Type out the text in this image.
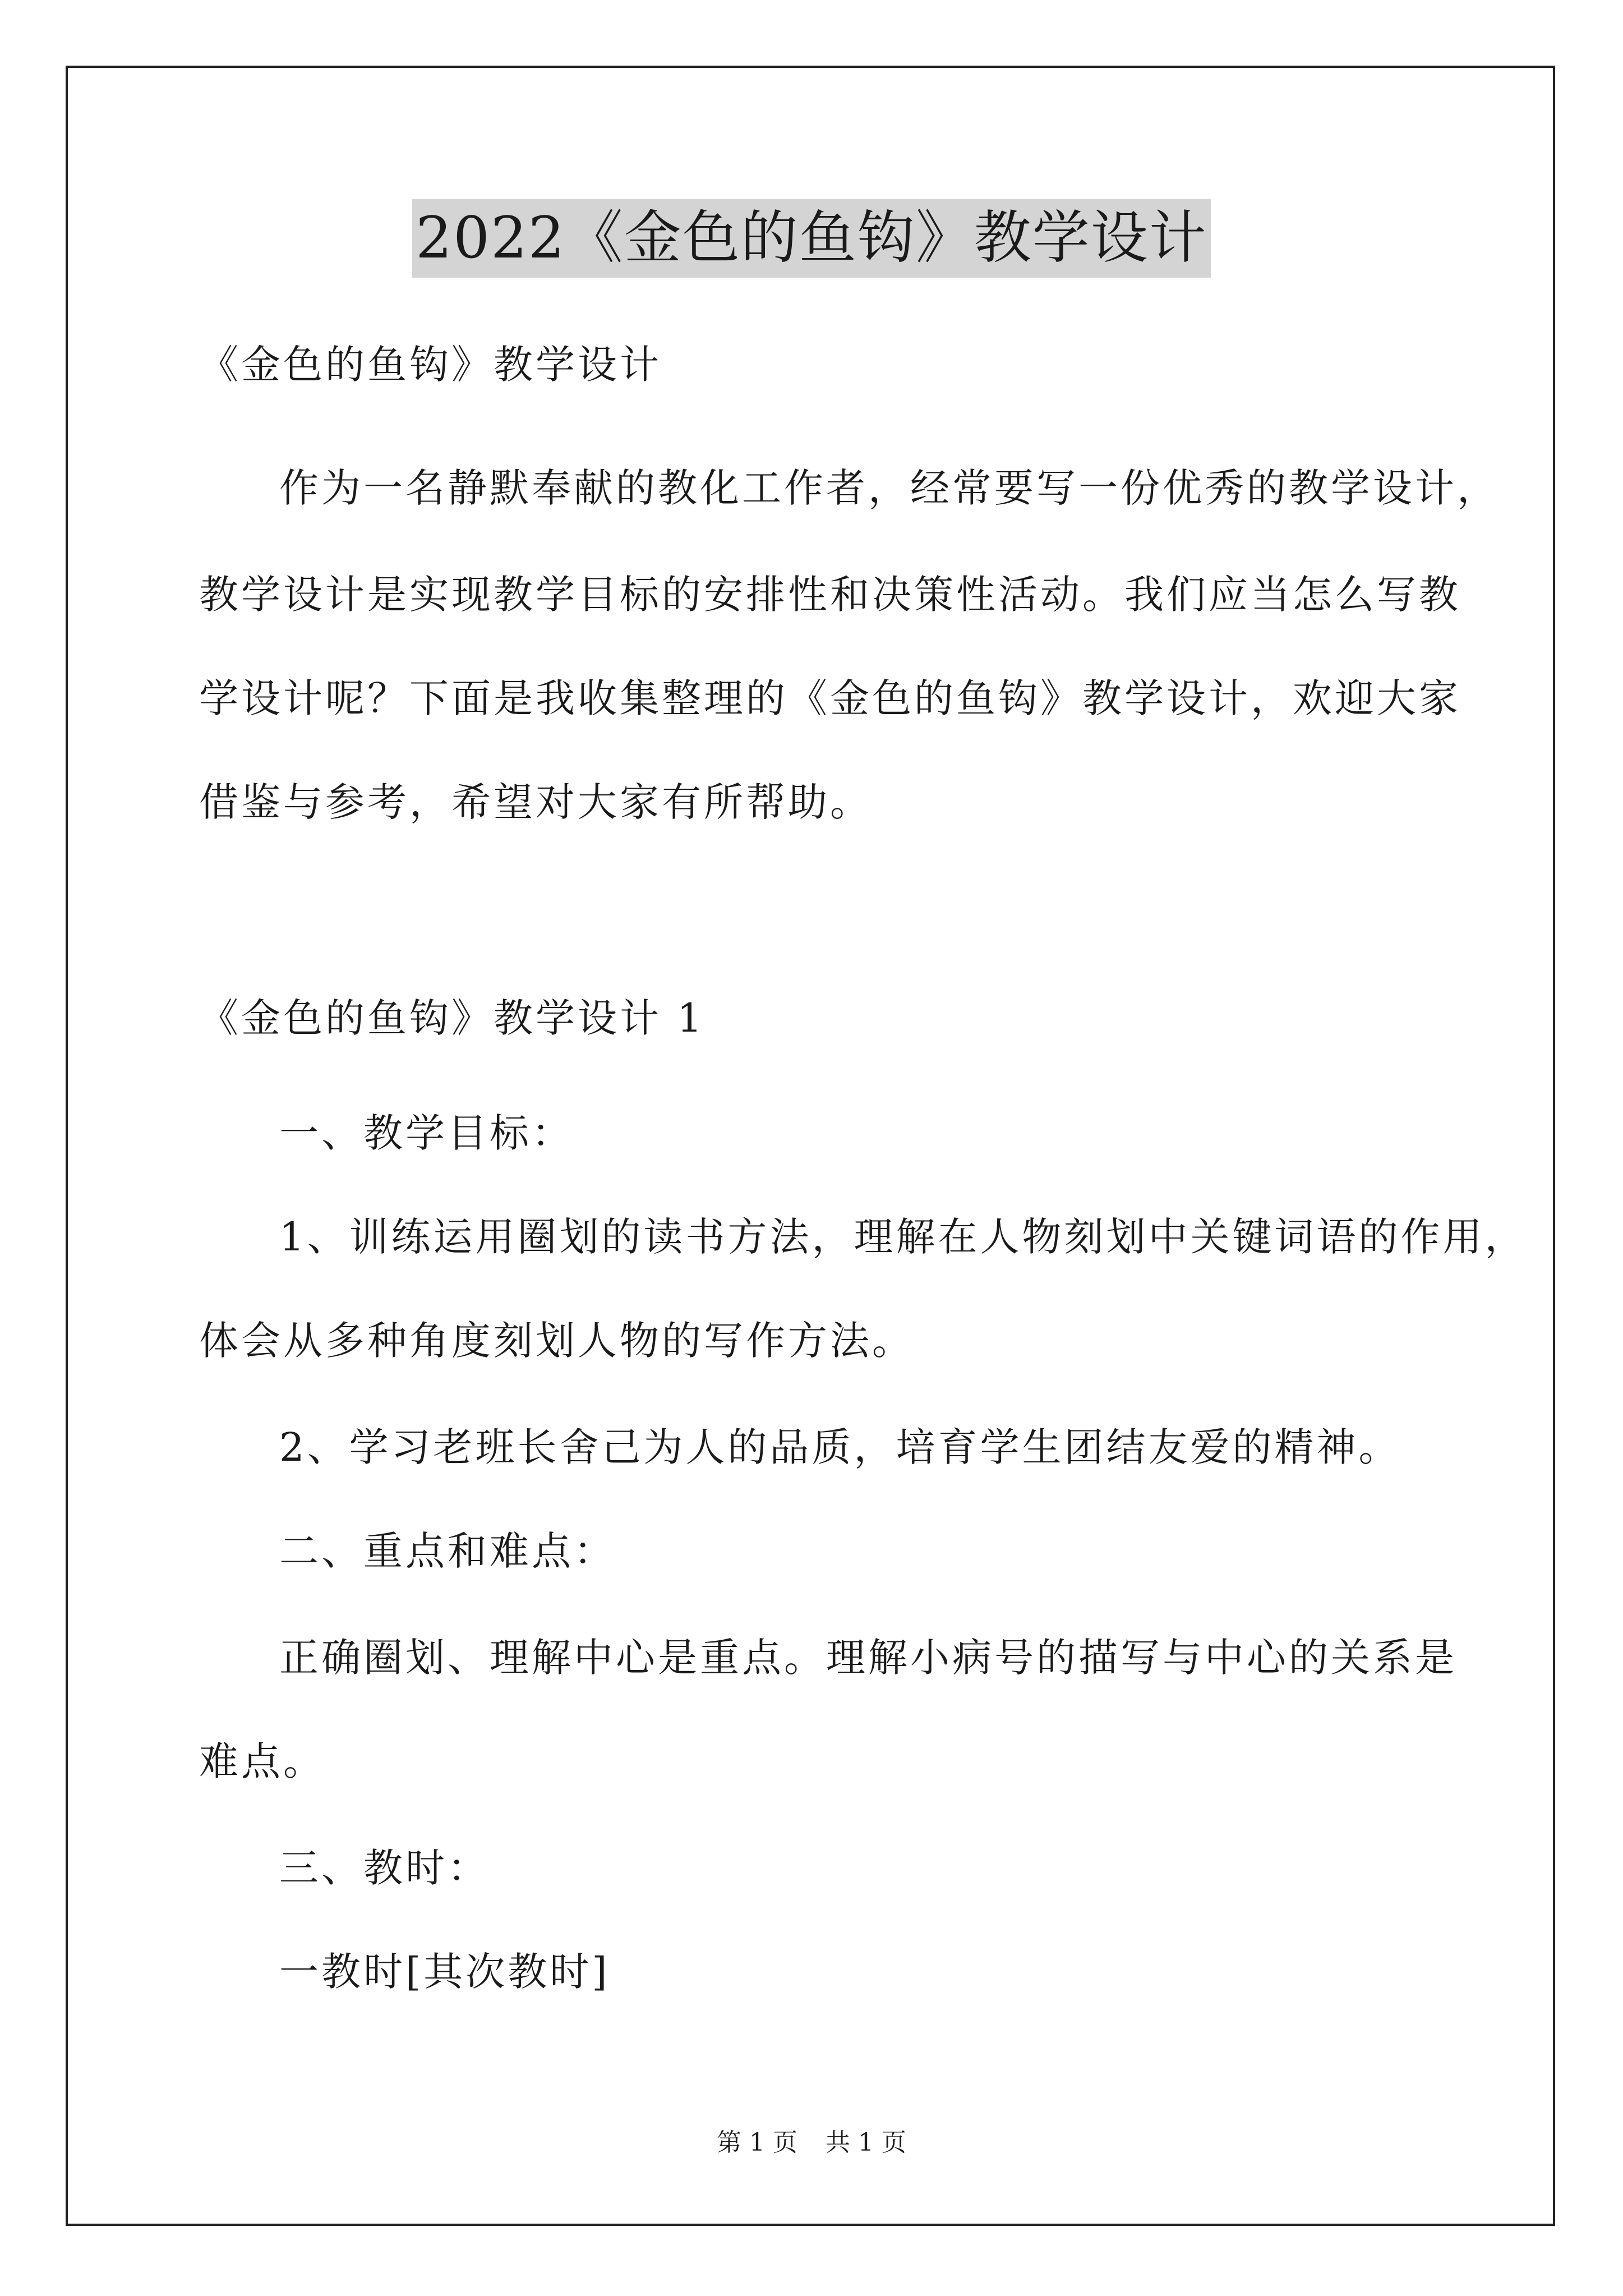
2022《金色的鱼钩》教学设计
《金色的鱼钩》教学设计
作为一名静默奉献的教化工作者，经常要写一份优秀的教学设计，
教学设计是实现教学目标的安排性和决策性活动。我们应当怎么写教
学设计呢？下面是我收集整理的《金色的鱼钩》教学设计，欢迎大家
借鉴与参考，希望对大家有所帮助。
《金色的鱼钩》教学设计 1
一、教学目标：
1、训练运用圈划的读书方法，理解在人物刻划中关键词语的作用，
体会从多种角度刻划人物的写作方法。
2、学习老班长舍己为人的品质，培育学生团结友爱的精神。
二、重点和难点：
正确圈划、理解中心是重点。理解小病号的描写与中心的关系是
难点。
三、教时：
一教时[其次教时]
第 1 页 共 1 页
